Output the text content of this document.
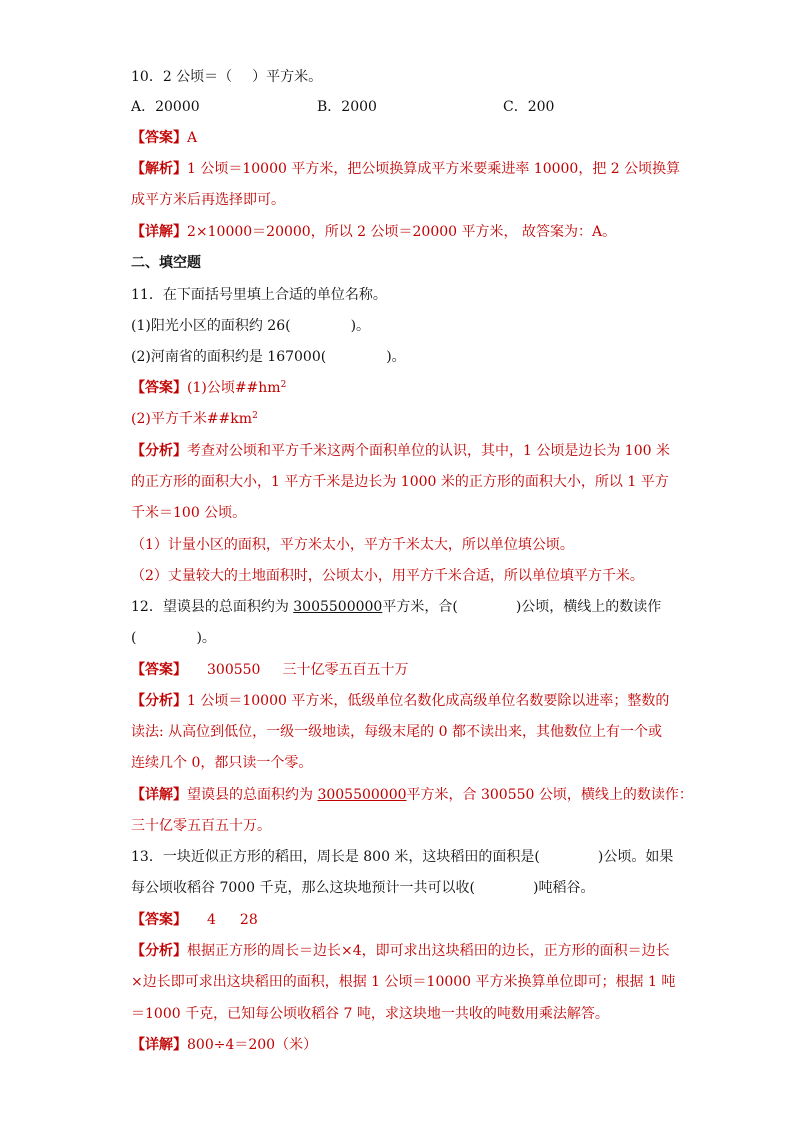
10．2 公顷＝（ ）平方米。
A．20000	B．2000	C．200
【答案】A
【解析】1 公顷＝10000 平方米，把公顷换算成平方米要乘进率 10000，把 2 公顷换算
成平方米后再选择即可。
【详解】2×10000＝20000，所以 2 公顷＝20000 平方米， 故答案为：A。
二、填空题
11．在下面括号里填上合适的单位名称。
(1)阳光小区的面积约 26(	)。
(2)河南省的面积约是 167000(	)。
【答案】(1)公顷$\#\#hm^2$
(2)平方千米$\#\#km^2$
【分析】考查对公顷和平方千米这两个面积单位的认识，其中，1 公顷是边长为 100 米
的正方形的面积大小，1 平方千米是边长为 1000 米的正方形的面积大小，所以 1 平方
千米＝100 公顷。
（1）计量小区的面积，平方米太小，平方千米太大，所以单位填公顷。
（2）丈量较大的土地面积时，公顷太小，用平方千米合适，所以单位填平方千米。
12．望谟县的总面积约为 3005500000平方米，合(	)公顷，横线上的数读作
(	)。
【答案】 300550 三十亿零五百五十万
【分析】1 公顷＝10000 平方米，低级单位名数化成高级单位名数要除以进率；整数的
读法: 从高位到低位，一级一级地读，每级末尾的 0 都不读出来，其他数位上有一个或
连续几个 0，都只读一个零。
【详解】望谟县的总面积约为 3005500000平方米，合 300550 公顷，横线上的数读作：
三十亿零五百五十万。
13．一块近似正方形的稻田，周长是 800 米，这块稻田的面积是(	)公顷。如果
每公顷收稻谷 7000 千克，那么这块地预计一共可以收(	)吨稻谷。
【答案】 4 28
【分析】根据正方形的周长＝边长×4，即可求出这块稻田的边长，正方形的面积＝边长
×边长即可求出这块稻田的面积，根据 1 公顷＝10000 平方米换算单位即可；根据 1 吨
＝1000 千克，已知每公顷收稻谷 7 吨，求这块地一共收的吨数用乘法解答。
【详解】800÷4＝200（米）
